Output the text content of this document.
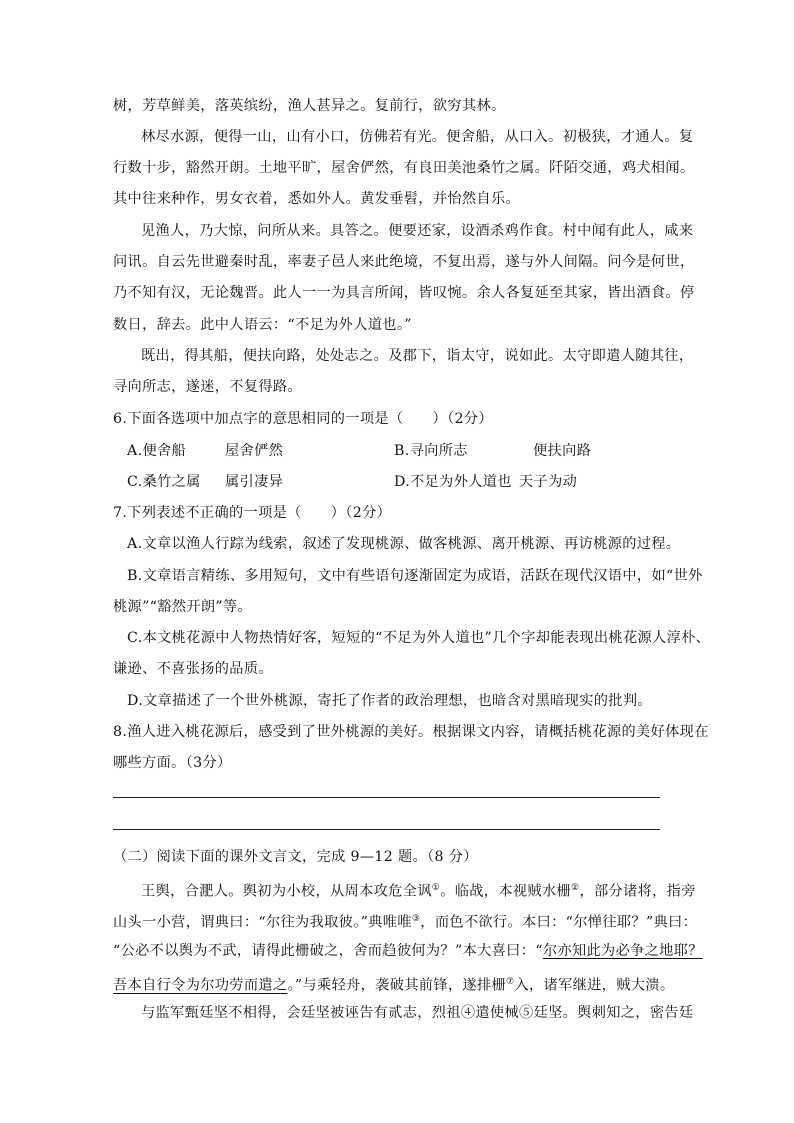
树，芳草鲜美，落英缤纷，渔人甚异之。复前行，欲穷其林。
林尽水源，便得一山，山有小口，仿佛若有光。便舍船，从口入。初极狭，才通人。复
行数十步，豁然开朗。土地平旷，屋舍俨然，有良田美池桑竹之属。阡陌交通，鸡犬相闻。
其中往来种作，男女衣着，悉如外人。黄发垂髫，并怡然自乐。
见渔人，乃大惊，问所从来。具答之。便要还家，设酒杀鸡作食。村中闻有此人，咸来
问讯。自云先世避秦时乱，率妻子邑人来此绝境，不复出焉，遂与外人间隔。问今是何世，
乃不知有汉，无论魏晋。此人一一为具言所闻，皆叹惋。余人各复延至其家，皆出酒食。停
数日，辞去。此中人语云：“不足为外人道也。”
既出，得其船，便扶向路，处处志之。及郡下，诣太守，说如此。太守即遣人随其往，
寻向所志，遂迷，不复得路。
6.下面各选项中加点字的意思相同的一项是（　　）（2分）
A.便舍船	屋舍俨然	B.寻向所志	便扶向路
C.桑竹之属 属引凄异	D.不足为外人道也 天子为动
7.下列表述不正确的一项是（　　）（2分）
A.文章以渔人行踪为线索，叙述了发现桃源、做客桃源、离开桃源、再访桃源的过程。
B.文章语言精练、多用短句，文中有些语句逐渐固定为成语，活跃在现代汉语中，如“世外
桃源”“豁然开朗”等。
C.本文桃花源中人物热情好客，短短的“不足为外人道也”几个字却能表现出桃花源人淳朴、
谦逊、不喜张扬的品质。
D.文章描述了一个世外桃源，寄托了作者的政治理想，也暗含对黑暗现实的批判。
8.渔人进入桃花源后，感受到了世外桃源的美好。根据课文内容，请概括桃花源的美好体现在
哪些方面。（3分）
（二）阅读下面的课外文言文，完成 9—12 题。（8 分）
王舆，合淝人。舆初为小校，从周本攻危全讽①。临战，本视贼水栅②，部分诸将，指旁
山头一小营，谓典曰：“尔往为我取彼。”典唯唯③，而色不欲行。本曰：“尔惮往耶？”典曰：
“公必不以舆为不武，请得此栅破之，舍而趋彼何为？”本大喜曰：“尔亦知此为必争之地耶？
吾本自行令为尔功劳而遣之。”与乘轻舟，袭破其前锋，遂排栅⑦入，诸军继进，贼大溃。
与监军甄廷坚不相得，会廷坚被诬告有贰志，烈祖④遣使械⑤廷坚。舆刺知之，密告廷
